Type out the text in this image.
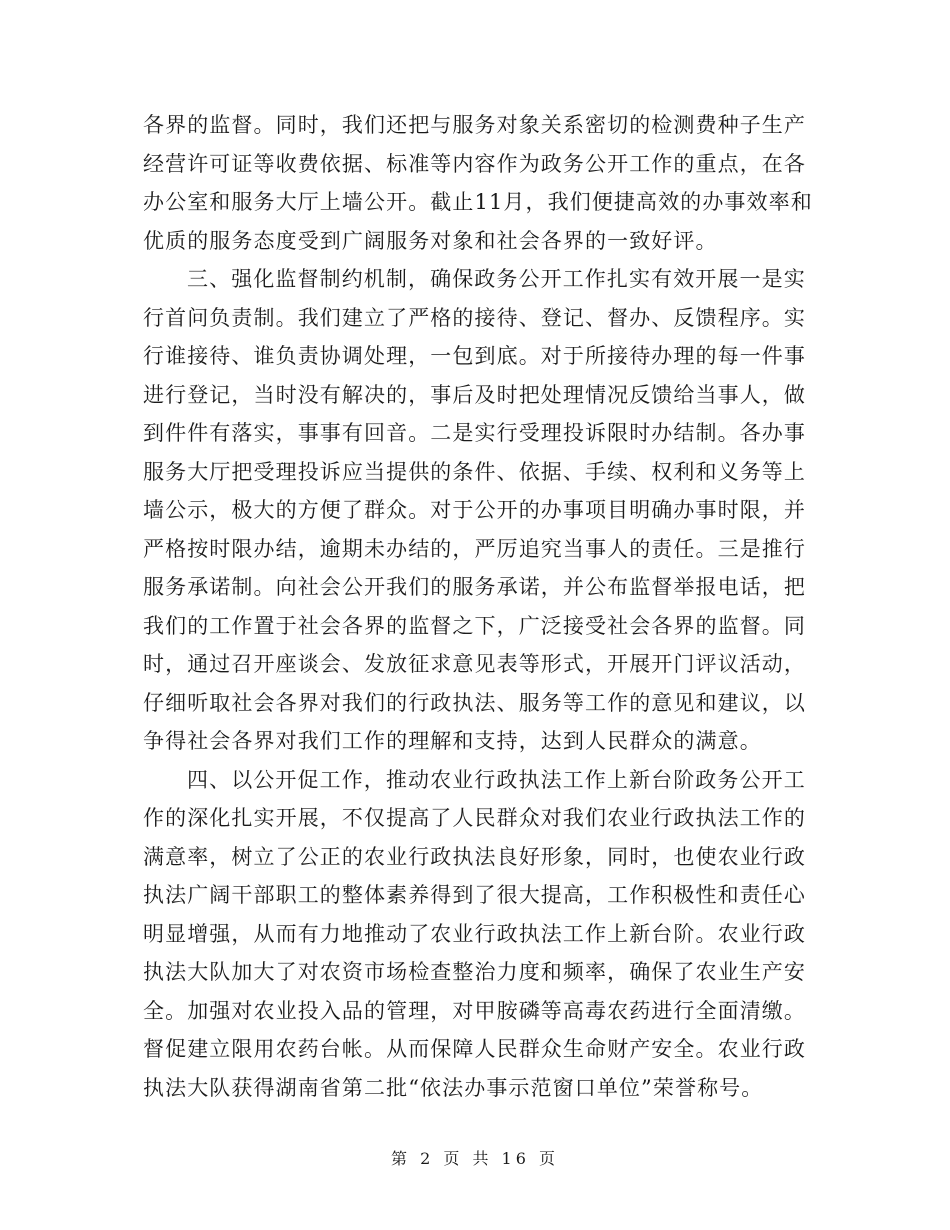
各界的监督。同时，我们还把与服务对象关系密切的检测费种子生产
经营许可证等收费依据、标准等内容作为政务公开工作的重点，在各
办公室和服务大厅上墙公开。截止11月，我们便捷高效的办事效率和
优质的服务态度受到广阔服务对象和社会各界的一致好评。
三、强化监督制约机制，确保政务公开工作扎实有效开展一是实
行首问负责制。我们建立了严格的接待、登记、督办、反馈程序。实
行谁接待、谁负责协调处理，一包到底。对于所接待办理的每一件事
进行登记，当时没有解决的，事后及时把处理情况反馈给当事人，做
到件件有落实，事事有回音。二是实行受理投诉限时办结制。各办事
服务大厅把受理投诉应当提供的条件、依据、手续、权利和义务等上
墙公示，极大的方便了群众。对于公开的办事项目明确办事时限，并
严格按时限办结，逾期未办结的，严厉追究当事人的责任。三是推行
服务承诺制。向社会公开我们的服务承诺，并公布监督举报电话，把
我们的工作置于社会各界的监督之下，广泛接受社会各界的监督。同
时，通过召开座谈会、发放征求意见表等形式，开展开门评议活动，
仔细听取社会各界对我们的行政执法、服务等工作的意见和建议，以
争得社会各界对我们工作的理解和支持，达到人民群众的满意。
四、以公开促工作，推动农业行政执法工作上新台阶政务公开工
作的深化扎实开展，不仅提高了人民群众对我们农业行政执法工作的
满意率，树立了公正的农业行政执法良好形象，同时，也使农业行政
执法广阔干部职工的整体素养得到了很大提高，工作积极性和责任心
明显增强，从而有力地推动了农业行政执法工作上新台阶。农业行政
执法大队加大了对农资市场检查整治力度和频率，确保了农业生产安
全。加强对农业投入品的管理，对甲胺磷等高毒农药进行全面清缴。
督促建立限用农药台帐。从而保障人民群众生命财产安全。农业行政
执法大队获得湖南省第二批“依法办事示范窗口单位”荣誉称号。
第 2 页 共 16 页
